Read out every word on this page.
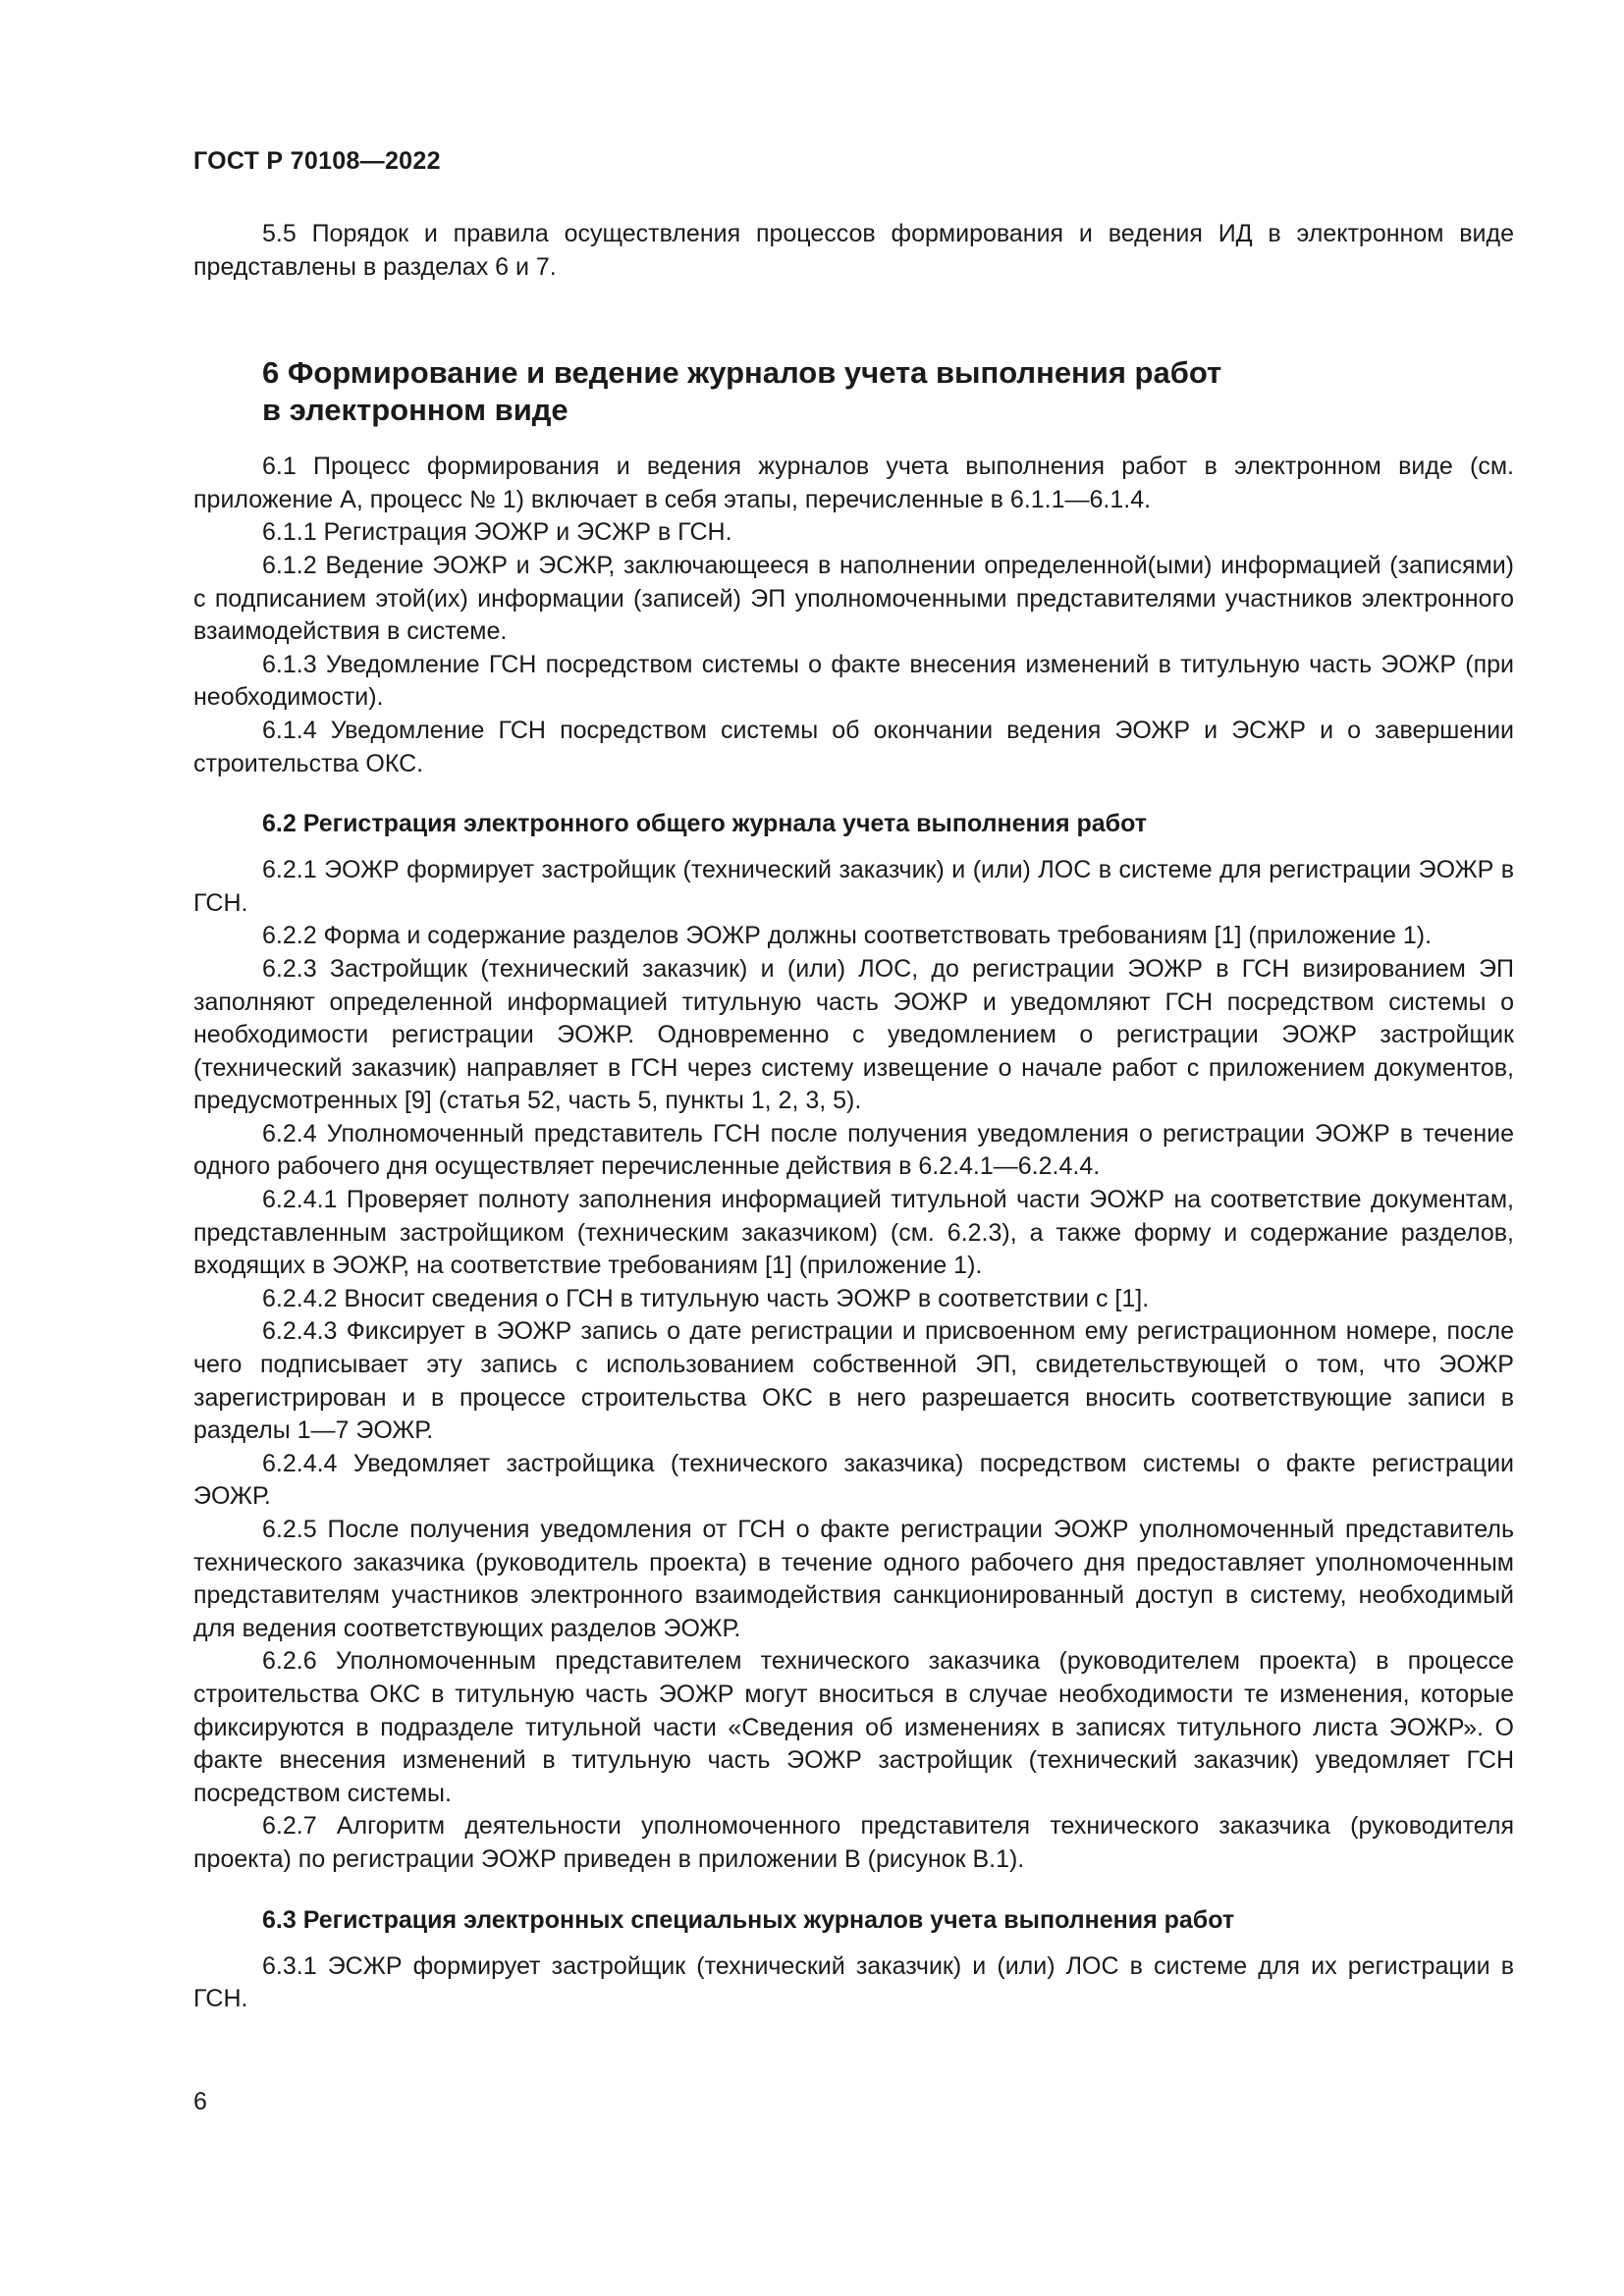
ГОСТ Р 70108—2022

5.5 Порядок и правила осуществления процессов формирования и ведения ИД в электронном виде представлены в разделах 6 и 7.

6 Формирование и ведение журналов учета выполнения работ
в электронном виде

6.1 Процесс формирования и ведения журналов учета выполнения работ в электронном виде (см. приложение А, процесс № 1) включает в себя этапы, перечисленные в 6.1.1—6.1.4.

6.1.1 Регистрация ЭОЖР и ЭСЖР в ГСН.

6.1.2 Ведение ЭОЖР и ЭСЖР, заключающееся в наполнении определенной(ыми) информацией (записями) с подписанием этой(их) информации (записей) ЭП уполномоченными представителями участников электронного взаимодействия в системе.

6.1.3 Уведомление ГСН посредством системы о факте внесения изменений в титульную часть ЭОЖР (при необходимости).

6.1.4 Уведомление ГСН посредством системы об окончании ведения ЭОЖР и ЭСЖР и о завершении строительства ОКС.

6.2 Регистрация электронного общего журнала учета выполнения работ

6.2.1 ЭОЖР формирует застройщик (технический заказчик) и (или) ЛОС в системе для регистрации ЭОЖР в ГСН.

6.2.2 Форма и содержание разделов ЭОЖР должны соответствовать требованиям [1] (приложение 1).

6.2.3 Застройщик (технический заказчик) и (или) ЛОС, до регистрации ЭОЖР в ГСН визированием ЭП заполняют определенной информацией титульную часть ЭОЖР и уведомляют ГСН посредством системы о необходимости регистрации ЭОЖР. Одновременно с уведомлением о регистрации ЭОЖР застройщик (технический заказчик) направляет в ГСН через систему извещение о начале работ с приложением документов, предусмотренных [9] (статья 52, часть 5, пункты 1, 2, 3, 5).

6.2.4 Уполномоченный представитель ГСН после получения уведомления о регистрации ЭОЖР в течение одного рабочего дня осуществляет перечисленные действия в 6.2.4.1—6.2.4.4.

6.2.4.1 Проверяет полноту заполнения информацией титульной части ЭОЖР на соответствие документам, представленным застройщиком (техническим заказчиком) (см. 6.2.3), а также форму и содержание разделов, входящих в ЭОЖР, на соответствие требованиям [1] (приложение 1).

6.2.4.2 Вносит сведения о ГСН в титульную часть ЭОЖР в соответствии с [1].

6.2.4.3 Фиксирует в ЭОЖР запись о дате регистрации и присвоенном ему регистрационном номере, после чего подписывает эту запись с использованием собственной ЭП, свидетельствующей о том, что ЭОЖР зарегистрирован и в процессе строительства ОКС в него разрешается вносить соответствующие записи в разделы 1—7 ЭОЖР.

6.2.4.4 Уведомляет застройщика (технического заказчика) посредством системы о факте регистрации ЭОЖР.

6.2.5 После получения уведомления от ГСН о факте регистрации ЭОЖР уполномоченный представитель технического заказчика (руководитель проекта) в течение одного рабочего дня предоставляет уполномоченным представителям участников электронного взаимодействия санкционированный доступ в систему, необходимый для ведения соответствующих разделов ЭОЖР.

6.2.6 Уполномоченным представителем технического заказчика (руководителем проекта) в процессе строительства ОКС в титульную часть ЭОЖР могут вноситься в случае необходимости те изменения, которые фиксируются в подразделе титульной части «Сведения об изменениях в записях титульного листа ЭОЖР». О факте внесения изменений в титульную часть ЭОЖР застройщик (технический заказчик) уведомляет ГСН посредством системы.

6.2.7 Алгоритм деятельности уполномоченного представителя технического заказчика (руководителя проекта) по регистрации ЭОЖР приведен в приложении В (рисунок В.1).

6.3 Регистрация электронных специальных журналов учета выполнения работ

6.3.1 ЭСЖР формирует застройщик (технический заказчик) и (или) ЛОС в системе для их регистрации в ГСН.

6
